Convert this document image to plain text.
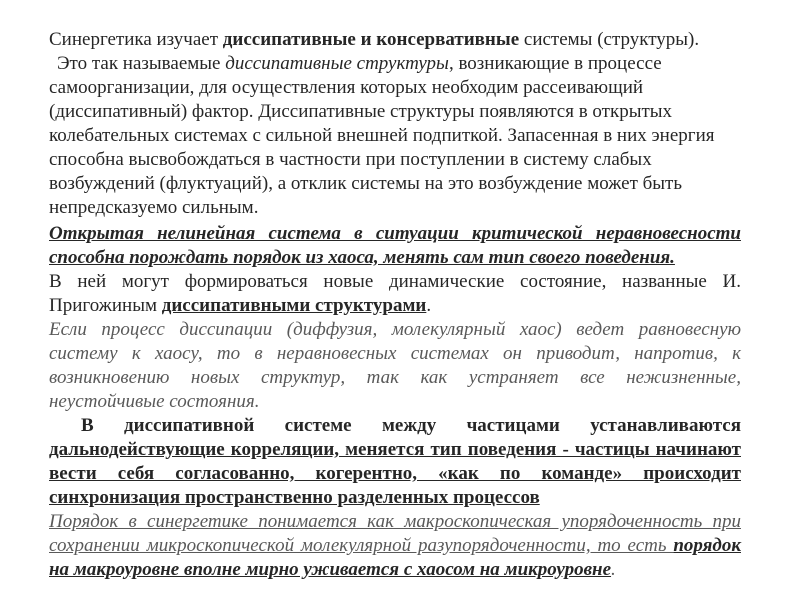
Синергетика изучает диссипативные и консервативные системы (структуры).
Это так называемые диссипативные структуры, возникающие в процессе самоорганизации, для осуществления которых необходим рассеивающий (диссипативный) фактор. Диссипативные структуры появляются в открытых колебательных системах с сильной внешней подпиткой. Запасенная в них энергия способна высвобождаться в частности при поступлении в систему слабых возбуждений (флуктуаций), а отклик системы на это возбуждение может быть непредсказуемо сильным.

Открытая нелинейная система в ситуации критической неравновесности способна порождать порядок из хаоса, менять сам тип своего поведения.

В ней могут формироваться новые динамические состояние, названные И. Пригожиным диссипативными структурами.

Если процесс диссипации (диффузия, молекулярный хаос) ведет равновесную систему к хаосу, то в неравновесных системах он приводит, напротив, к возникновению новых структур, так как устраняет все нежизненные, неустойчивые состояния.

В диссипативной системе между частицами устанавливаются дальнодействующие корреляции, меняется тип поведения - частицы начинают вести себя согласованно, когерентно, «как по команде» происходит синхронизация пространственно разделенных процессов

Порядок в синергетике понимается как макроскопическая упорядоченность при сохранении микроскопической молекулярной разупорядоченности, то есть порядок на макроуровне вполне мирно уживается с хаосом на микроуровне.
